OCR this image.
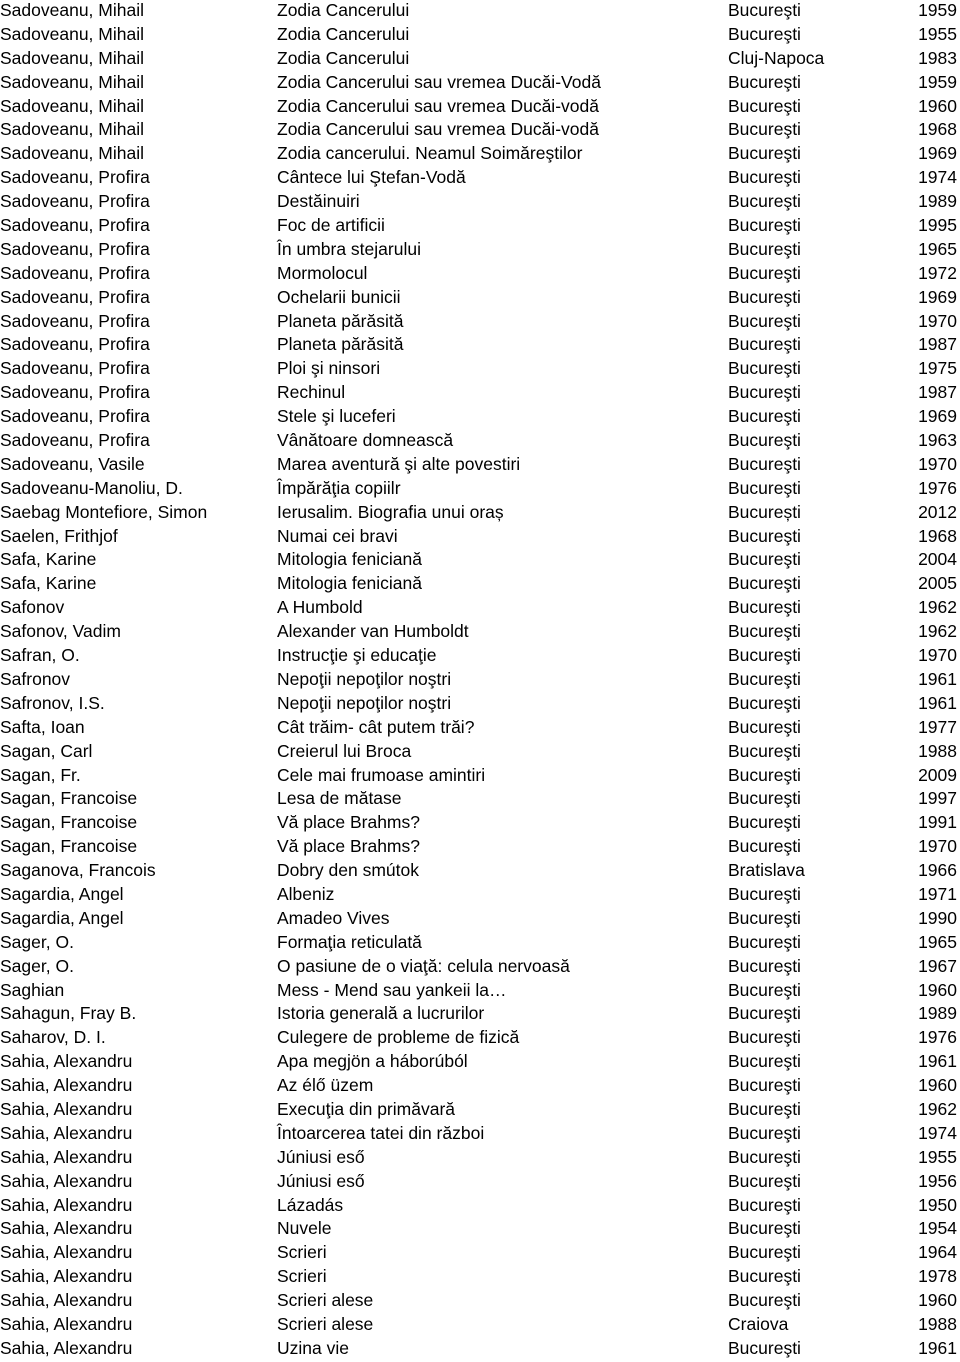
Sadoveanu, Mihail	Zodia Cancerului	Bucureşti	1959
Sadoveanu, Mihail	Zodia Cancerului	Bucureşti	1955
Sadoveanu, Mihail	Zodia Cancerului	Cluj-Napoca	1983
Sadoveanu, Mihail	Zodia Cancerului sau vremea Ducăi-Vodă	Bucureşti	1959
Sadoveanu, Mihail	Zodia Cancerului sau vremea Ducăi-vodă	Bucureşti	1960
Sadoveanu, Mihail	Zodia Cancerului sau vremea Ducăi-vodă	Bucureşti	1968
Sadoveanu, Mihail	Zodia cancerului. Neamul Soimăreştilor	Bucureşti	1969
Sadoveanu, Profira	Cântece lui Ştefan-Vodă	Bucureşti	1974
Sadoveanu, Profira	Destăinuiri	Bucureşti	1989
Sadoveanu, Profira	Foc de artificii	Bucureşti	1995
Sadoveanu, Profira	În umbra stejarului	Bucureşti	1965
Sadoveanu, Profira	Mormolocul	Bucureşti	1972
Sadoveanu, Profira	Ochelarii bunicii	Bucureşti	1969
Sadoveanu, Profira	Planeta părăsită	Bucureşti	1970
Sadoveanu, Profira	Planeta părăsită	Bucureşti	1987
Sadoveanu, Profira	Ploi şi ninsori	Bucureşti	1975
Sadoveanu, Profira	Rechinul	Bucureşti	1987
Sadoveanu, Profira	Stele şi luceferi	Bucureşti	1969
Sadoveanu, Profira	Vânătoare domnească	Bucureşti	1963
Sadoveanu, Vasile	Marea aventură şi alte povestiri	Bucureşti	1970
Sadoveanu-Manoliu, D.	Împărăţia copiilr	Bucureşti	1976
Saebag Montefiore, Simon	Ierusalim. Biografia unui oraș	București	2012
Saelen, Frithjof	Numai cei bravi	Bucureşti	1968
Safa, Karine	Mitologia feniciană	Bucureşti	2004
Safa, Karine	Mitologia feniciană	Bucureşti	2005
Safonov	A Humbold	Bucureşti	1962
Safonov, Vadim	Alexander van Humboldt	Bucureşti	1962
Safran, O.	Instrucţie şi educaţie	Bucureşti	1970
Safronov	Nepoţii nepoţilor noştri	Bucureşti	1961
Safronov, I.S.	Nepoţii nepoţilor noştri	Bucureşti	1961
Safta, Ioan	Cât trăim- cât putem trăi?	Bucureşti	1977
Sagan, Carl	Creierul lui Broca	Bucureşti	1988
Sagan, Fr.	Cele mai frumoase amintiri	Bucureşti	2009
Sagan, Francoise	Lesa de mătase	Bucureşti	1997
Sagan, Francoise	Vă place Brahms?	Bucureşti	1991
Sagan, Francoise	Vă place Brahms?	Bucureşti	1970
Saganova, Francois	Dobry den smútok	Bratislava	1966
Sagardia, Angel	Albeniz	Bucureşti	1971
Sagardia, Angel	Amadeo Vives	Bucureşti	1990
Sager, O.	Formaţia reticulată	Bucureşti	1965
Sager, O.	O pasiune de o viaţă: celula nervoasă	Bucureşti	1967
Saghian	Mess - Mend sau yankeii la…	Bucureşti	1960
Sahagun, Fray B.	Istoria generală a lucrurilor	Bucureşti	1989
Saharov, D. I.	Culegere de probleme de fizică	Bucureşti	1976
Sahia, Alexandru	Apa megjön a háborúból	Bucureşti	1961
Sahia, Alexandru	Az élő üzem	Bucureşti	1960
Sahia, Alexandru	Execuţia din primăvară	Bucureşti	1962
Sahia, Alexandru	Întoarcerea tatei din război	Bucureşti	1974
Sahia, Alexandru	Júniusi eső	Bucureşti	1955
Sahia, Alexandru	Júniusi eső	Bucureşti	1956
Sahia, Alexandru	Lázadás	Bucureşti	1950
Sahia, Alexandru	Nuvele	Bucureşti	1954
Sahia, Alexandru	Scrieri	Bucureşti	1964
Sahia, Alexandru	Scrieri	Bucureşti	1978
Sahia, Alexandru	Scrieri alese	Bucureşti	1960
Sahia, Alexandru	Scrieri alese	Craiova	1988
Sahia, Alexandru	Uzina vie	Bucureşti	1961
